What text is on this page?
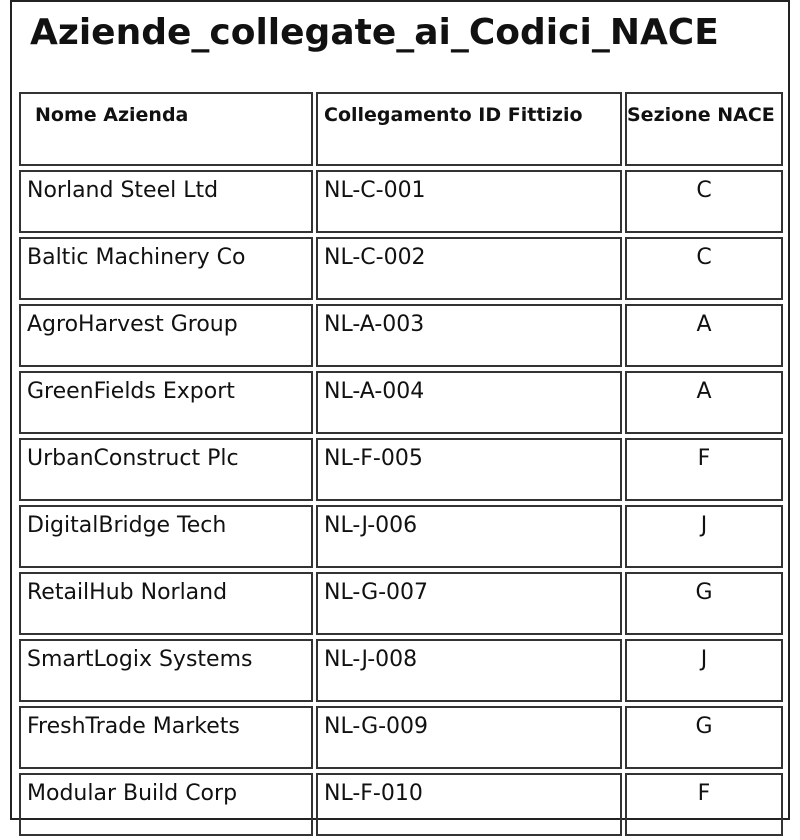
Aziende_collegate_ai_Codici_NACE
Nome Azienda	Collegamento ID Fittizio	Sezione NACE
Norland Steel Ltd	NL-C-001	C
Baltic Machinery Co	NL-C-002	C
AgroHarvest Group	NL-A-003	A
GreenFields Export	NL-A-004	A
UrbanConstruct Plc	NL-F-005	F
DigitalBridge Tech	NL-J-006	J
RetailHub Norland	NL-G-007	G
SmartLogix Systems	NL-J-008	J
FreshTrade Markets	NL-G-009	G
Modular Build Corp	NL-F-010	F
